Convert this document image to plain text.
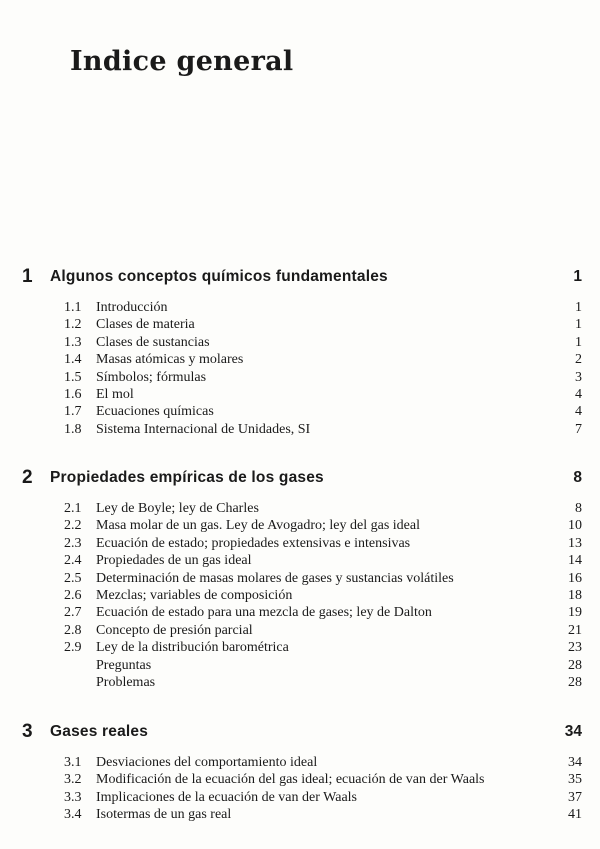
Indice general
1 Algunos conceptos químicos fundamentales	1
1.1 Introducción	1
1.2 Clases de materia	1
1.3 Clases de sustancias	1
1.4 Masas atómicas y molares	2
1.5 Símbolos; fórmulas	3
1.6 El mol	4
1.7 Ecuaciones químicas	4
1.8 Sistema Internacional de Unidades, SI	7
2 Propiedades empíricas de los gases	8
2.1 Ley de Boyle; ley de Charles	8
2.2 Masa molar de un gas. Ley de Avogadro; ley del gas ideal	10
2.3 Ecuación de estado; propiedades extensivas e intensivas	13
2.4 Propiedades de un gas ideal	14
2.5 Determinación de masas molares de gases y sustancias volátiles	16
2.6 Mezclas; variables de composición	18
2.7 Ecuación de estado para una mezcla de gases; ley de Dalton	19
2.8 Concepto de presión parcial	21
2.9 Ley de la distribución barométrica	23
Preguntas	28
Problemas	28
3 Gases reales	34
3.1 Desviaciones del comportamiento ideal	34
3.2 Modificación de la ecuación del gas ideal; ecuación de van der Waals	35
3.3 Implicaciones de la ecuación de van der Waals	37
3.4 Isotermas de un gas real	41
